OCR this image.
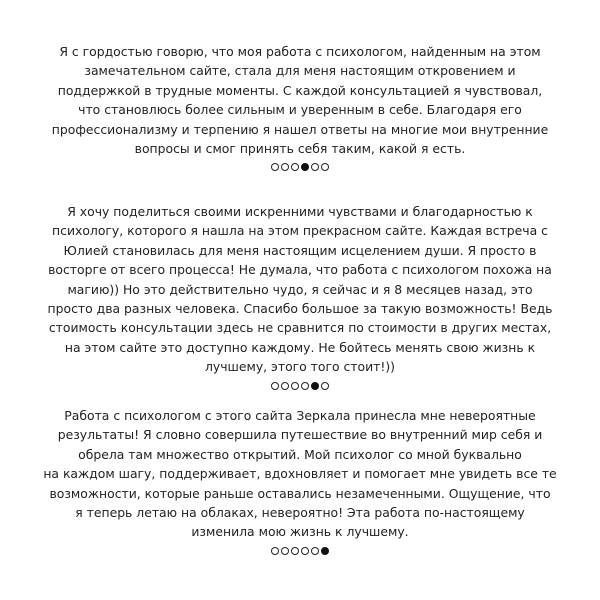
Я с гордостью говорю, что моя работа с психологом, найденным на этом
замечательном сайте, стала для меня настоящим откровением и
поддержкой в трудные моменты. С каждой консультацией я чувствовал,
что становлюсь более сильным и уверенным в себе. Благодаря его
профессионализму и терпению я нашел ответы на многие мои внутренние
вопросы и смог принять себя таким, какой я есть.

Я хочу поделиться своими искренними чувствами и благодарностью к
психологу, которого я нашла на этом прекрасном сайте. Каждая встреча с
Юлией становилась для меня настоящим исцелением души. Я просто в
восторге от всего процесса! Не думала, что работа с психологом похожа на
магию)) Но это действительно чудо, я сейчас и я 8 месяцев назад, это
просто два разных человека. Спасибо большое за такую возможность! Ведь
стоимость консультации здесь не сравнится по стоимости в других местах,
на этом сайте это доступно каждому. Не бойтесь менять свою жизнь к
лучшему, этого того стоит!))

Работа с психологом с этого сайта Зеркала принесла мне невероятные
результаты! Я словно совершила путешествие во внутренний мир себя и
обрела там множество открытий. Мой психолог со мной буквально
на каждом шагу, поддерживает, вдохновляет и помогает мне увидеть все те
возможности, которые раньше оставались незамеченными. Ощущение, что
я теперь летаю на облаках, невероятно! Эта работа по-настоящему
изменила мою жизнь к лучшему.
